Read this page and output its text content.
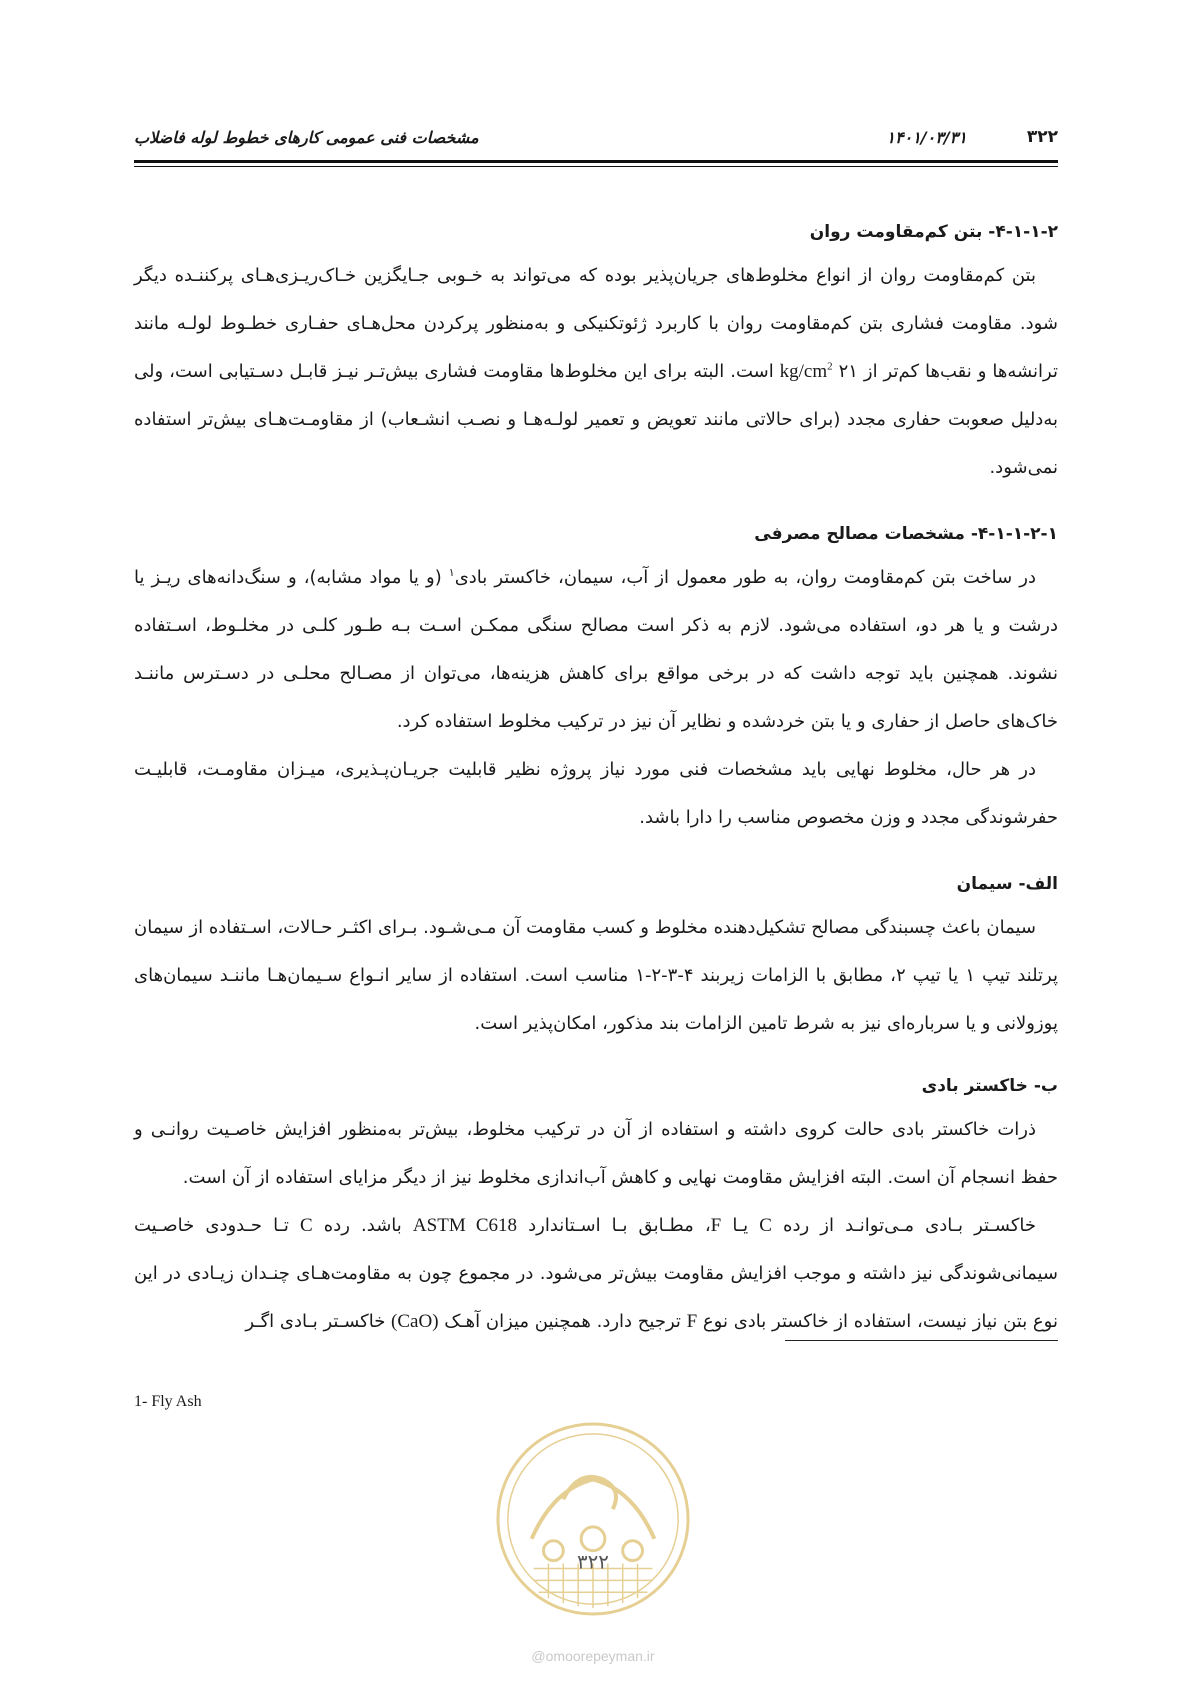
۳۲۲
۱۴۰۱/۰۳/۳۱
مشخصات فنی عمومی کارهای خطوط لوله فاضلاب
۴-۱-۱-۲- بتن کم‌مقاومت روان

بتن کم‌مقاومت روان از انواع مخلوط‌های جریان‌پذیر بوده که می‌تواند به خـوبی جـایگزین خـاک‌ریـزی‌هـای پرکننـده دیگر شود. مقاومت فشاری بتن کم‌مقاومت روان با کاربرد ژئوتکنیکی و به‌منظور پرکردن محل‌هـای حفـاری خطـوط لولـه مانند ترانشه‌ها و نقب‌ها کم‌تر از $kg/cm^2$ ۲۱ است. البته برای این مخلوط‌ها مقاومت فشاری بیش‌تـر نیـز قابـل دسـتیابی است، ولی به‌دلیل صعوبت حفاری مجدد (برای حالاتی مانند تعویض و تعمیر لولـه‌هـا و نصـب انشـعاب) از مقاومـت‌هـای بیش‌تر استفاده نمی‌شود.

۴-۱-۱-۲-۱- مشخصات مصالح مصرفی

در ساخت بتن کم‌مقاومت روان، به طور معمول از آب، سیمان، خاکستر بادی$^۱$ (و یا مواد مشابه)، و سنگ‌دانه‌های ریـز یا درشت و یا هر دو، استفاده می‌شود. لازم به ذکر است مصالح سنگی ممکـن اسـت بـه طـور کلـی در مخلـوط، اسـتفاده نشوند. همچنین باید توجه داشت که در برخی مواقع برای کاهش هزینه‌ها، می‌توان از مصـالح محلـی در دسـترس ماننـد خاک‌های حاصل از حفاری و یا بتن خردشده و نظایر آن نیز در ترکیب مخلوط استفاده کرد.

در هر حال، مخلوط نهایی باید مشخصات فنی مورد نیاز پروژه نظیر قابلیت جریـان‌پـذیری، میـزان مقاومـت، قابلیـت حفرشوندگی مجدد و وزن مخصوص مناسب را دارا باشد.

الف- سیمان

سیمان باعث چسبندگی مصالح تشکیل‌دهنده مخلوط و کسب مقاومت آن مـی‌شـود. بـرای اکثـر حـالات، اسـتفاده از سیمان پرتلند تیپ ۱ یا تیپ ۲، مطابق با الزامات زیربند ۴-۳-۲-۱ مناسب است. استفاده از سایر انـواع سـیمان‌هـا ماننـد سیمان‌های پوزولانی و یا سرباره‌ای نیز به شرط تامین الزامات بند مذکور، امکان‌پذیر است.

ب- خاکستر بادی

ذرات خاکستر بادی حالت کروی داشته و استفاده از آن در ترکیب مخلوط، بیش‌تر به‌منظور افزایش خاصـیت روانـی و حفظ انسجام آن است. البته افزایش مقاومت نهایی و کاهش آب‌اندازی مخلوط نیز از دیگر مزایای استفاده از آن است.

خاکسـتر بـادی مـی‌توانـد از رده C یـا F، مطـابق بـا اسـتاندارد ASTM C618 باشد. رده C تـا حـدودی خاصـیت سیمانی‌شوندگی نیز داشته و موجب افزایش مقاومت بیش‌تر می‌شود. در مجموع چون به مقاومت‌هـای چنـدان زیـادی در این نوع بتن نیاز نیست، استفاده از خاکستر بادی نوع F ترجیح دارد. همچنین میزان آهـک (CaO) خاکسـتر بـادی اگـر

1- Fly Ash
۳۲۲
@omoorepeyman.ir
